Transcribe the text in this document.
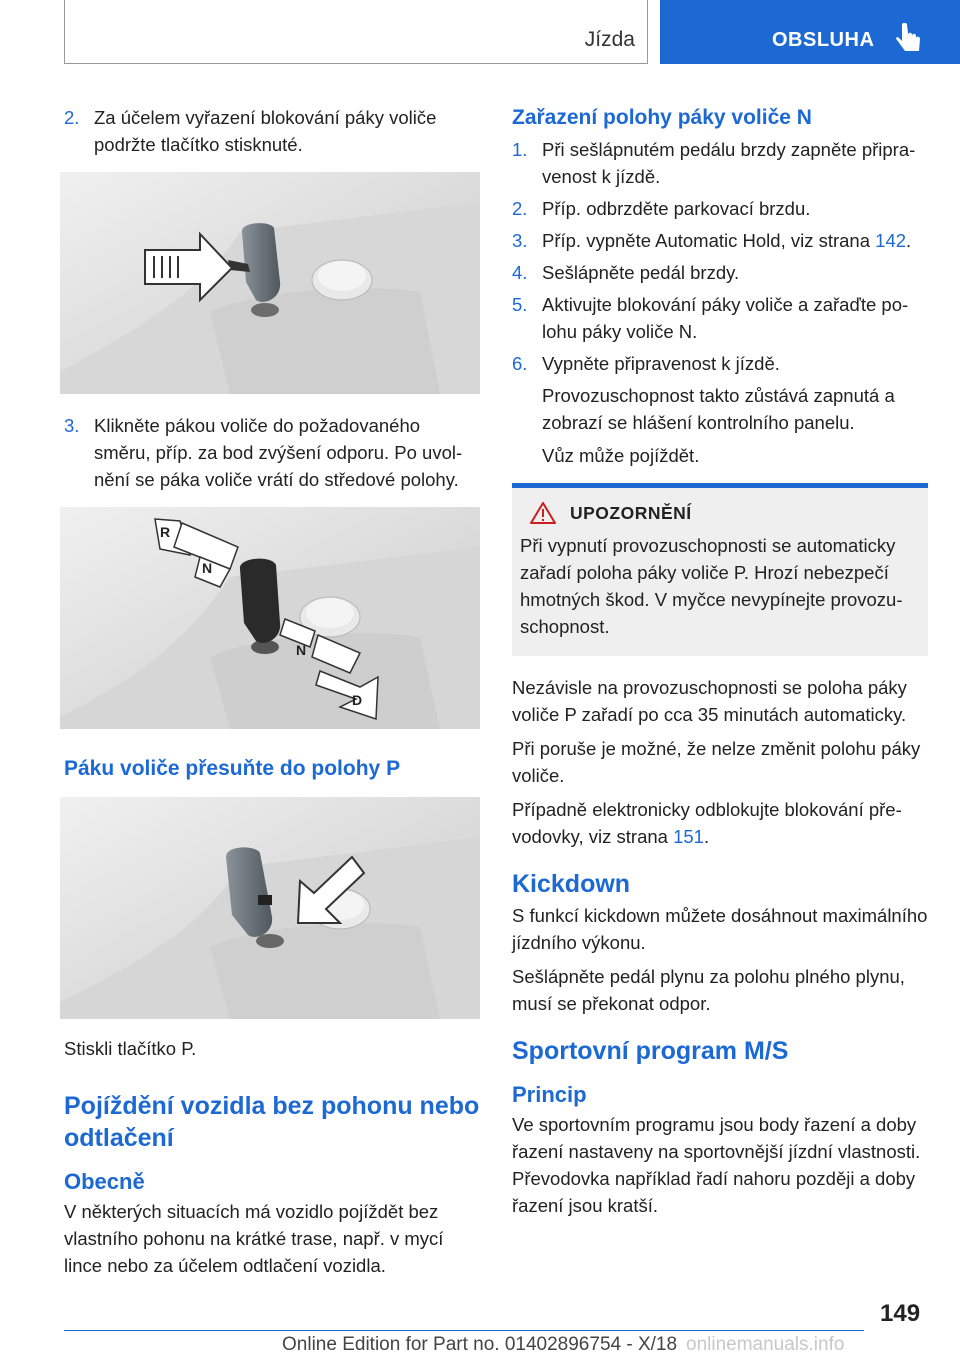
Jízda	OBSLUHA
2. Za účelem vyřazení blokování páky voliče podržte tlačítko stisknuté.
3. Klikněte pákou voliče do požadovaného směru, příp. za bod zvýšení odporu. Po uvolnění se páka voliče vrátí do středové polohy.
R
N
N
D
Páku voliče přesuňte do polohy P

Stiskli tlačítko P.

Pojíždění vozidla bez pohonu nebo odtlačení
Obecně

V některých situacích má vozidlo pojíždět bez vlastního pohonu na krátké trase, např. v mycí lince nebo za účelem odtlačení vozidla.

Zařazení polohy páky voliče N
1. Při sešlápnutém pedálu brzdy zapněte připravenost k jízdě.
2. Příp. odbrzděte parkovací brzdu.
3. Příp. vypněte Automatic Hold, viz strana 142.
4. Sešlápněte pedál brzdy.
5. Aktivujte blokování páky voliče a zařaďte polohu páky voliče N.
6. Vypněte připravenost k jízdě.
Provozuschopnost takto zůstává zapnutá a zobrazí se hlášení kontrolního panelu.
Vůz může pojíždět.
UPOZORNĚNÍ
Při vypnutí provozuschopnosti se automaticky zařadí poloha páky voliče P. Hrozí nebezpečí hmotných škod. V myčce nevypínejte provozuschopnost.

Nezávisle na provozuschopnosti se poloha páky voliče P zařadí po cca 35 minutách automaticky.

Při poruše je možné, že nelze změnit polohu páky voliče.

Případně elektronicky odblokujte blokování převodovky, viz strana 151.

Kickdown

S funkcí kickdown můžete dosáhnout maximálního jízdního výkonu.

Sešlápněte pedál plynu za polohu plného plynu, musí se překonat odpor.

Sportovní program M/S
Princip

Ve sportovním programu jsou body řazení a doby řazení nastaveny na sportovnější jízdní vlastnosti. Převodovka například řadí nahoru později a doby řazení jsou kratší.

149
Online Edition for Part no. 01402896754 - X/18 onlinemanuals.info
